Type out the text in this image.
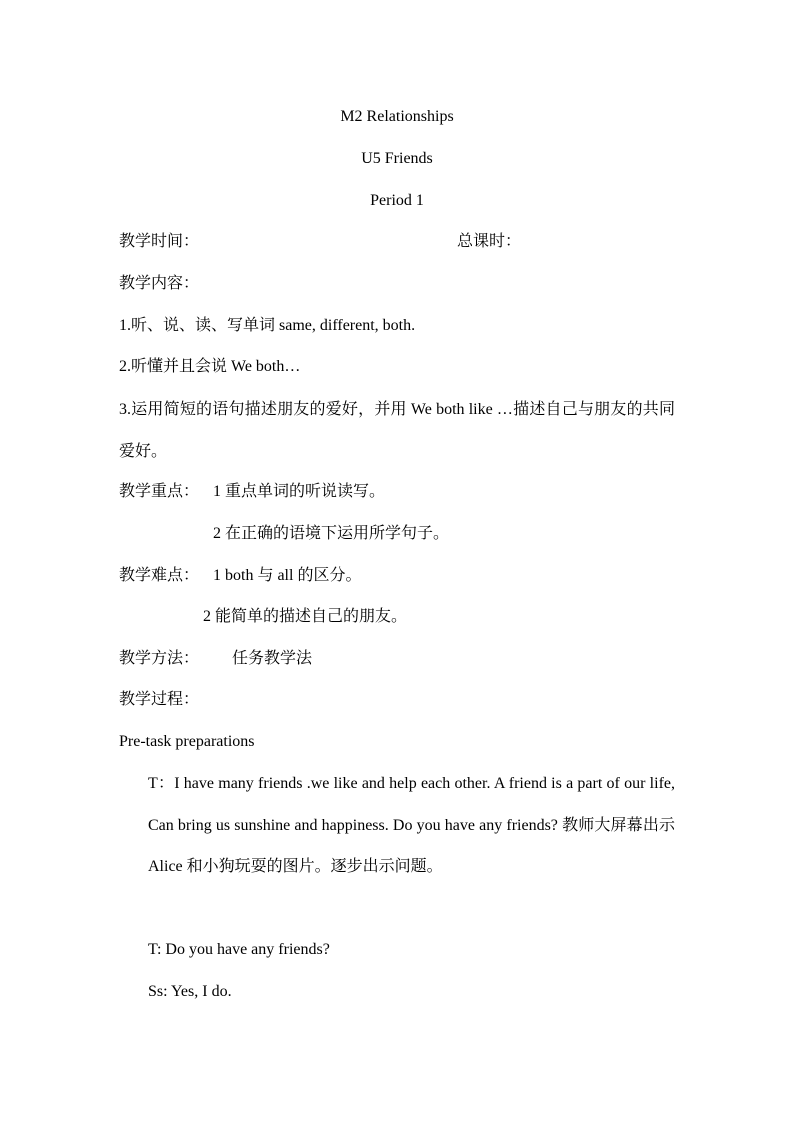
M2 Relationships
U5 Friends
Period 1
教学时间：	总课时：
教学内容：
1.听、说、读、写单词 same, different, both.
2.听懂并且会说 We both…
3.运用简短的语句描述朋友的爱好，并用 We both like …描述自己与朋友的共同爱好。
教学重点： 1 重点单词的听说读写。
2 在正确的语境下运用所学句子。
教学难点： 1 both 与 all 的区分。
2 能简单的描述自己的朋友。
教学方法： 任务教学法
教学过程：
Pre-task preparations
T：I have many friends .we like and help each other. A friend is a part of our life, Can bring us sunshine and happiness. Do you have any friends? 教师大屏幕出示Alice 和小狗玩耍的图片。逐步出示问题。
T: Do you have any friends?
Ss: Yes, I do.
